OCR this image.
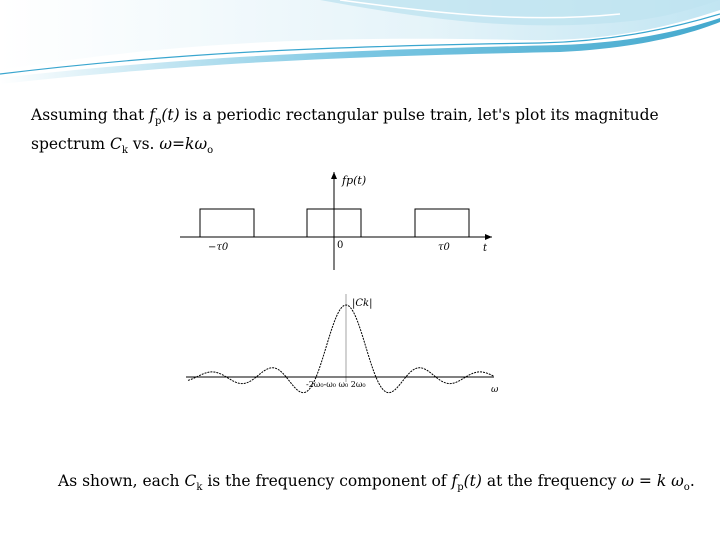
Assuming that $f_p(t)$ is a periodic rectangular pulse train, let's plot its magnitude spectrum $C_k$ vs. $\omega=k\omega_o$

fp(t)
−τ0	0	τ0	t
|Ck|
-2ω₀-ω₀ ω₀ 2ω₀
ω

As shown, each $C_k$ is the frequency component of $f_p(t)$ at the frequency ω = k $\omega_o$.
